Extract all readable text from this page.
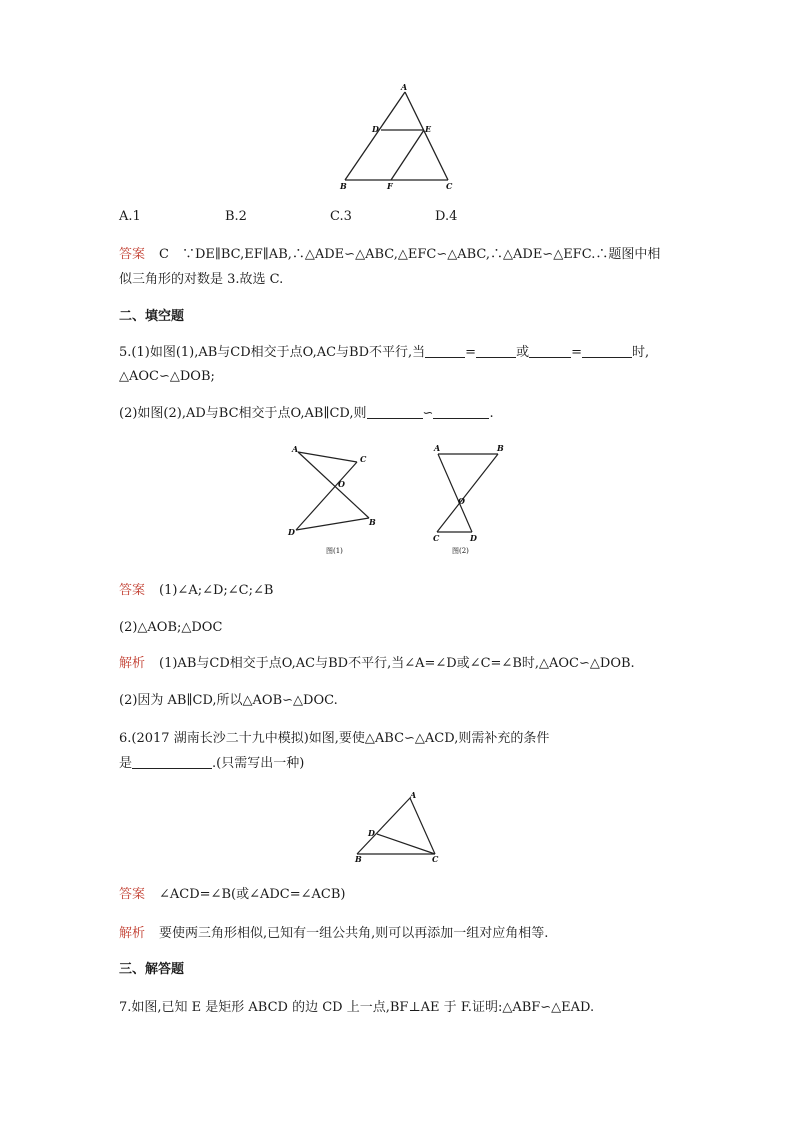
A
D	E
B	F	C
A.1	B.2	C.3	D.4
答案 C　∵DE∥BC,EF∥AB,∴△ADE∽△ABC,△EFC∽△ABC,∴△ADE∽△EFC.∴题图中相
似三角形的对数是 3.故选 C.
二、填空题
5.(1)如图(1),AB与CD相交于点O,AC与BD不平行,当	=	或	=	时,
△AOC∽△DOB;
(2)如图(2),AD与BC相交于点O,AB∥CD,则	∽	.
A
C
O
D
B
图(1)
A	B
O
C	D
图(2)
答案 (1)∠A;∠D;∠C;∠B
(2)△AOB;△DOC
解析 (1)AB与CD相交于点O,AC与BD不平行,当∠A=∠D或∠C=∠B时,△AOC∽△DOB.
(2)因为 AB∥CD,所以△AOB∽△DOC.
6.(2017 湖南长沙二十九中模拟)如图,要使△ABC∽△ACD,则需补充的条件
是	.(只需写出一种)
A
D
B	C
答案 ∠ACD=∠B(或∠ADC=∠ACB)
解析 要使两三角形相似,已知有一组公共角,则可以再添加一组对应角相等.
三、解答题
7.如图,已知 E 是矩形 ABCD 的边 CD 上一点,BF⊥AE 于 F.证明:△ABF∽△EAD.
